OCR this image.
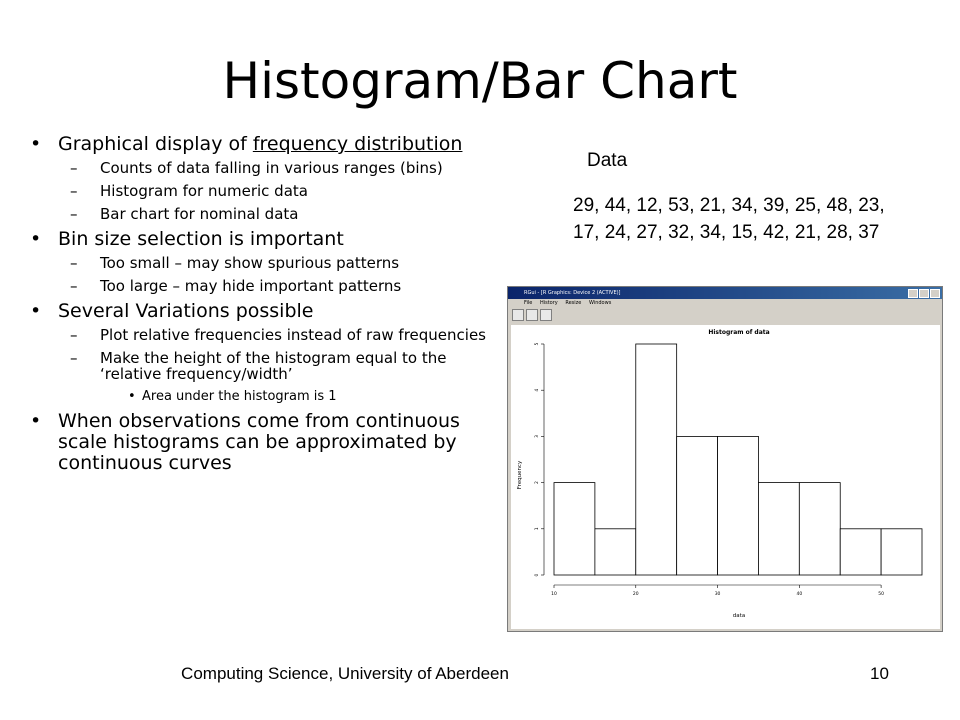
Histogram/Bar Chart
• Graphical display of frequency distribution
– Counts of data falling in various ranges (bins)
– Histogram for numeric data
– Bar chart for nominal data
• Bin size selection is important
– Too small – may show spurious patterns
– Too large – may hide important patterns
• Several Variations possible
– Plot relative frequencies instead of raw frequencies
– Make the height of the histogram equal to the ‘relative frequency/width’
• Area under the histogram is 1
• When observations come from continuous scale histograms can be approximated by continuous curves
Data
29, 44, 12, 53, 21, 34, 39, 25, 48, 23, 17, 24, 27, 32, 34, 15, 42, 21, 28, 37
RGui - [R Graphics: Device 2 (ACTIVE)]
File History Resize Windows
Histogram of data
data
Frequency
0
1
2
3
4
5
10	20	30	40	50
Computing Science, University of Aberdeen	10
